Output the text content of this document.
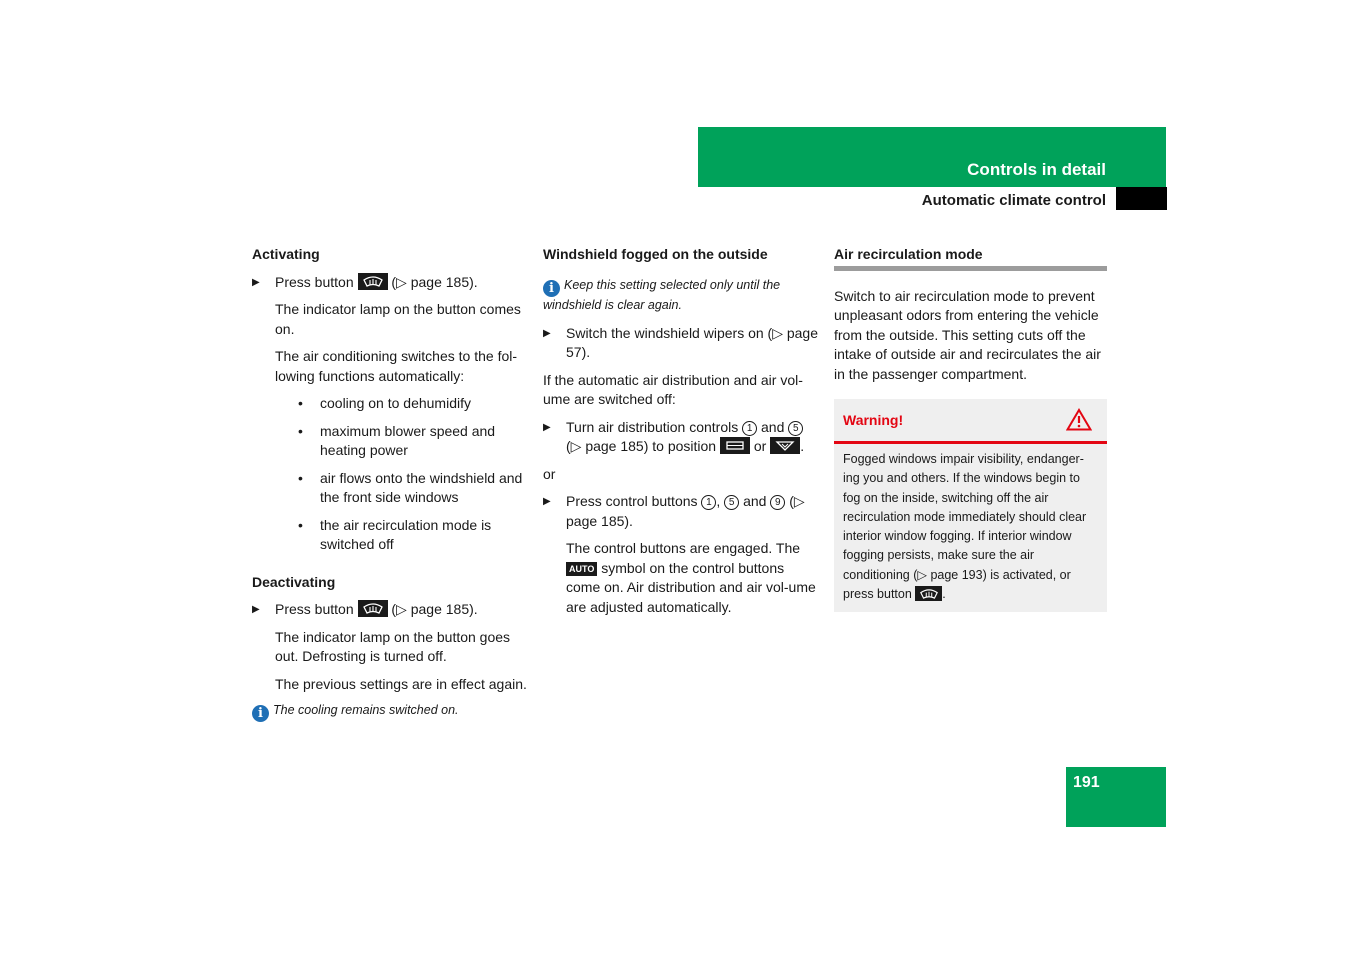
Controls in detail
Automatic climate control
Activating
▶ Press button	(▷ page 185).

The indicator lamp on the button comes on.

The air conditioning switches to the fol-lowing functions automatically:

• cooling on to dehumidify
• maximum blower speed and heating power
• air flows onto the windshield and the front side windows
• the air recirculation mode is switched off
Deactivating
▶ Press button	(▷ page 185).

The indicator lamp on the button goes out. Defrosting is turned off.

The previous settings are in effect again.

i The cooling remains switched on.
Windshield fogged on the outside
i Keep this setting selected only until the windshield is clear again.
▶ Switch the windshield wipers on (▷ page 57).

If the automatic air distribution and air vol-ume are switched off:

▶ Turn air distribution controls 1 and 5 (▷ page 185) to position	or .

or

▶ Press control buttons 1 , 5 and 9 (▷ page 185).

The control buttons are engaged. The AUTO symbol on the control buttons come on. Air distribution and air vol-ume are adjusted automatically.

Air recirculation mode

Switch to air recirculation mode to prevent unpleasant odors from entering the vehicle from the outside. This setting cuts off the intake of outside air and recirculates the air in the passenger compartment.

Warning!
Fogged windows impair visibility, endanger-ing you and others. If the windows begin to fog on the inside, switching off the air recirculation mode immediately should clear interior window fogging. If interior window fogging persists, make sure the air conditioning (▷ page 193) is activated, or press button .
191
